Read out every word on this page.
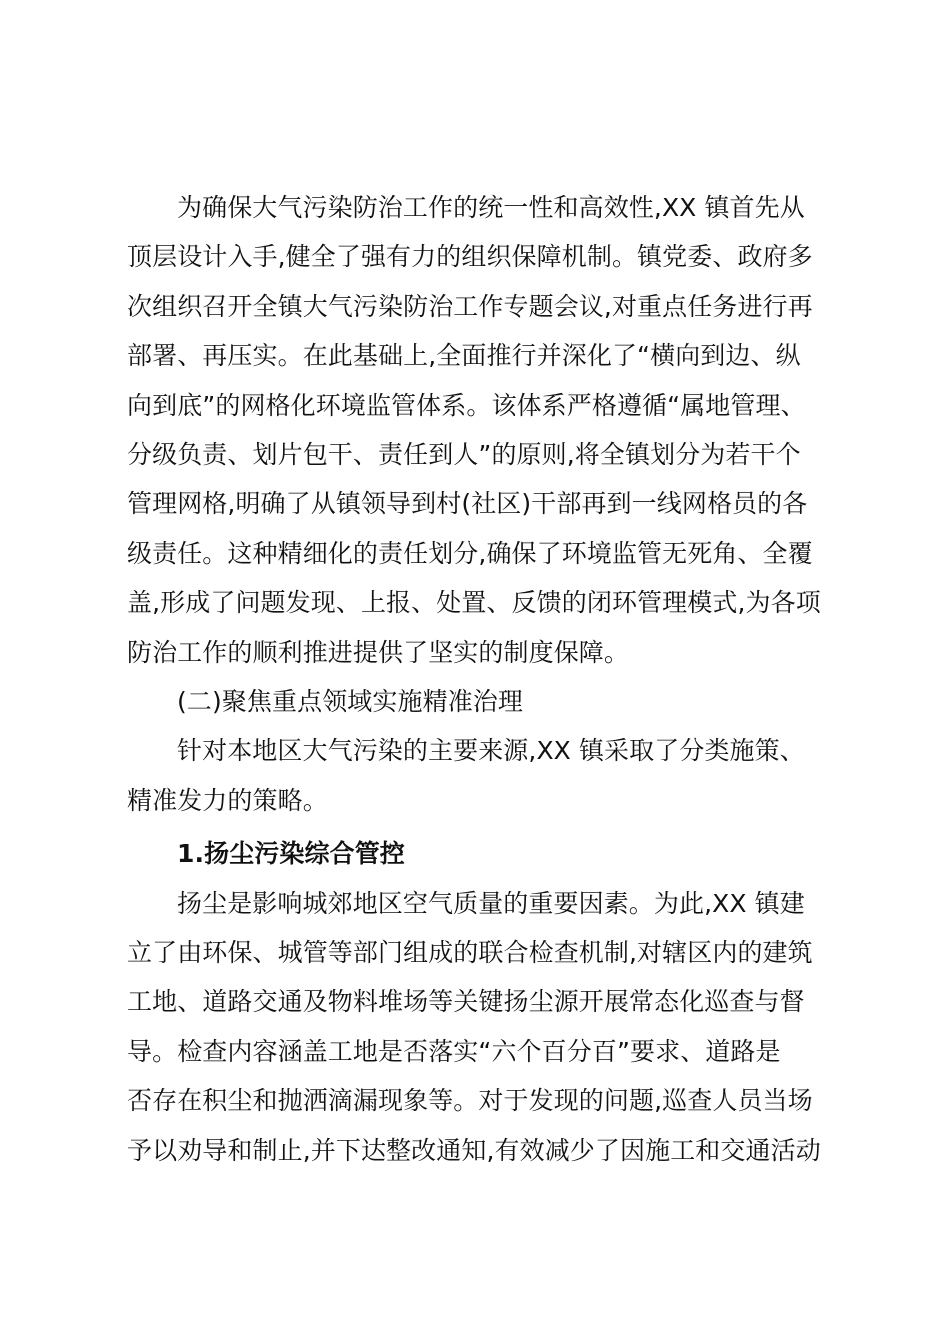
为确保大气污染防治工作的统一性和高效性,XX 镇首先从
顶层设计入手,健全了强有力的组织保障机制。镇党委、政府多
次组织召开全镇大气污染防治工作专题会议,对重点任务进行再
部署、再压实。在此基础上,全面推行并深化了“横向到边、纵
向到底”的网格化环境监管体系。该体系严格遵循“属地管理、
分级负责、划片包干、责任到人”的原则,将全镇划分为若干个
管理网格,明确了从镇领导到村(社区)干部再到一线网格员的各
级责任。这种精细化的责任划分,确保了环境监管无死角、全覆
盖,形成了问题发现、上报、处置、反馈的闭环管理模式,为各项
防治工作的顺利推进提供了坚实的制度保障。
(二)聚焦重点领域实施精准治理
针对本地区大气污染的主要来源,XX 镇采取了分类施策、
精准发力的策略。
1.扬尘污染综合管控
扬尘是影响城郊地区空气质量的重要因素。为此,XX 镇建
立了由环保、城管等部门组成的联合检查机制,对辖区内的建筑
工地、道路交通及物料堆场等关键扬尘源开展常态化巡查与督
导。检查内容涵盖工地是否落实“六个百分百”要求、道路是
否存在积尘和抛洒滴漏现象等。对于发现的问题,巡查人员当场
予以劝导和制止,并下达整改通知,有效减少了因施工和交通活动
